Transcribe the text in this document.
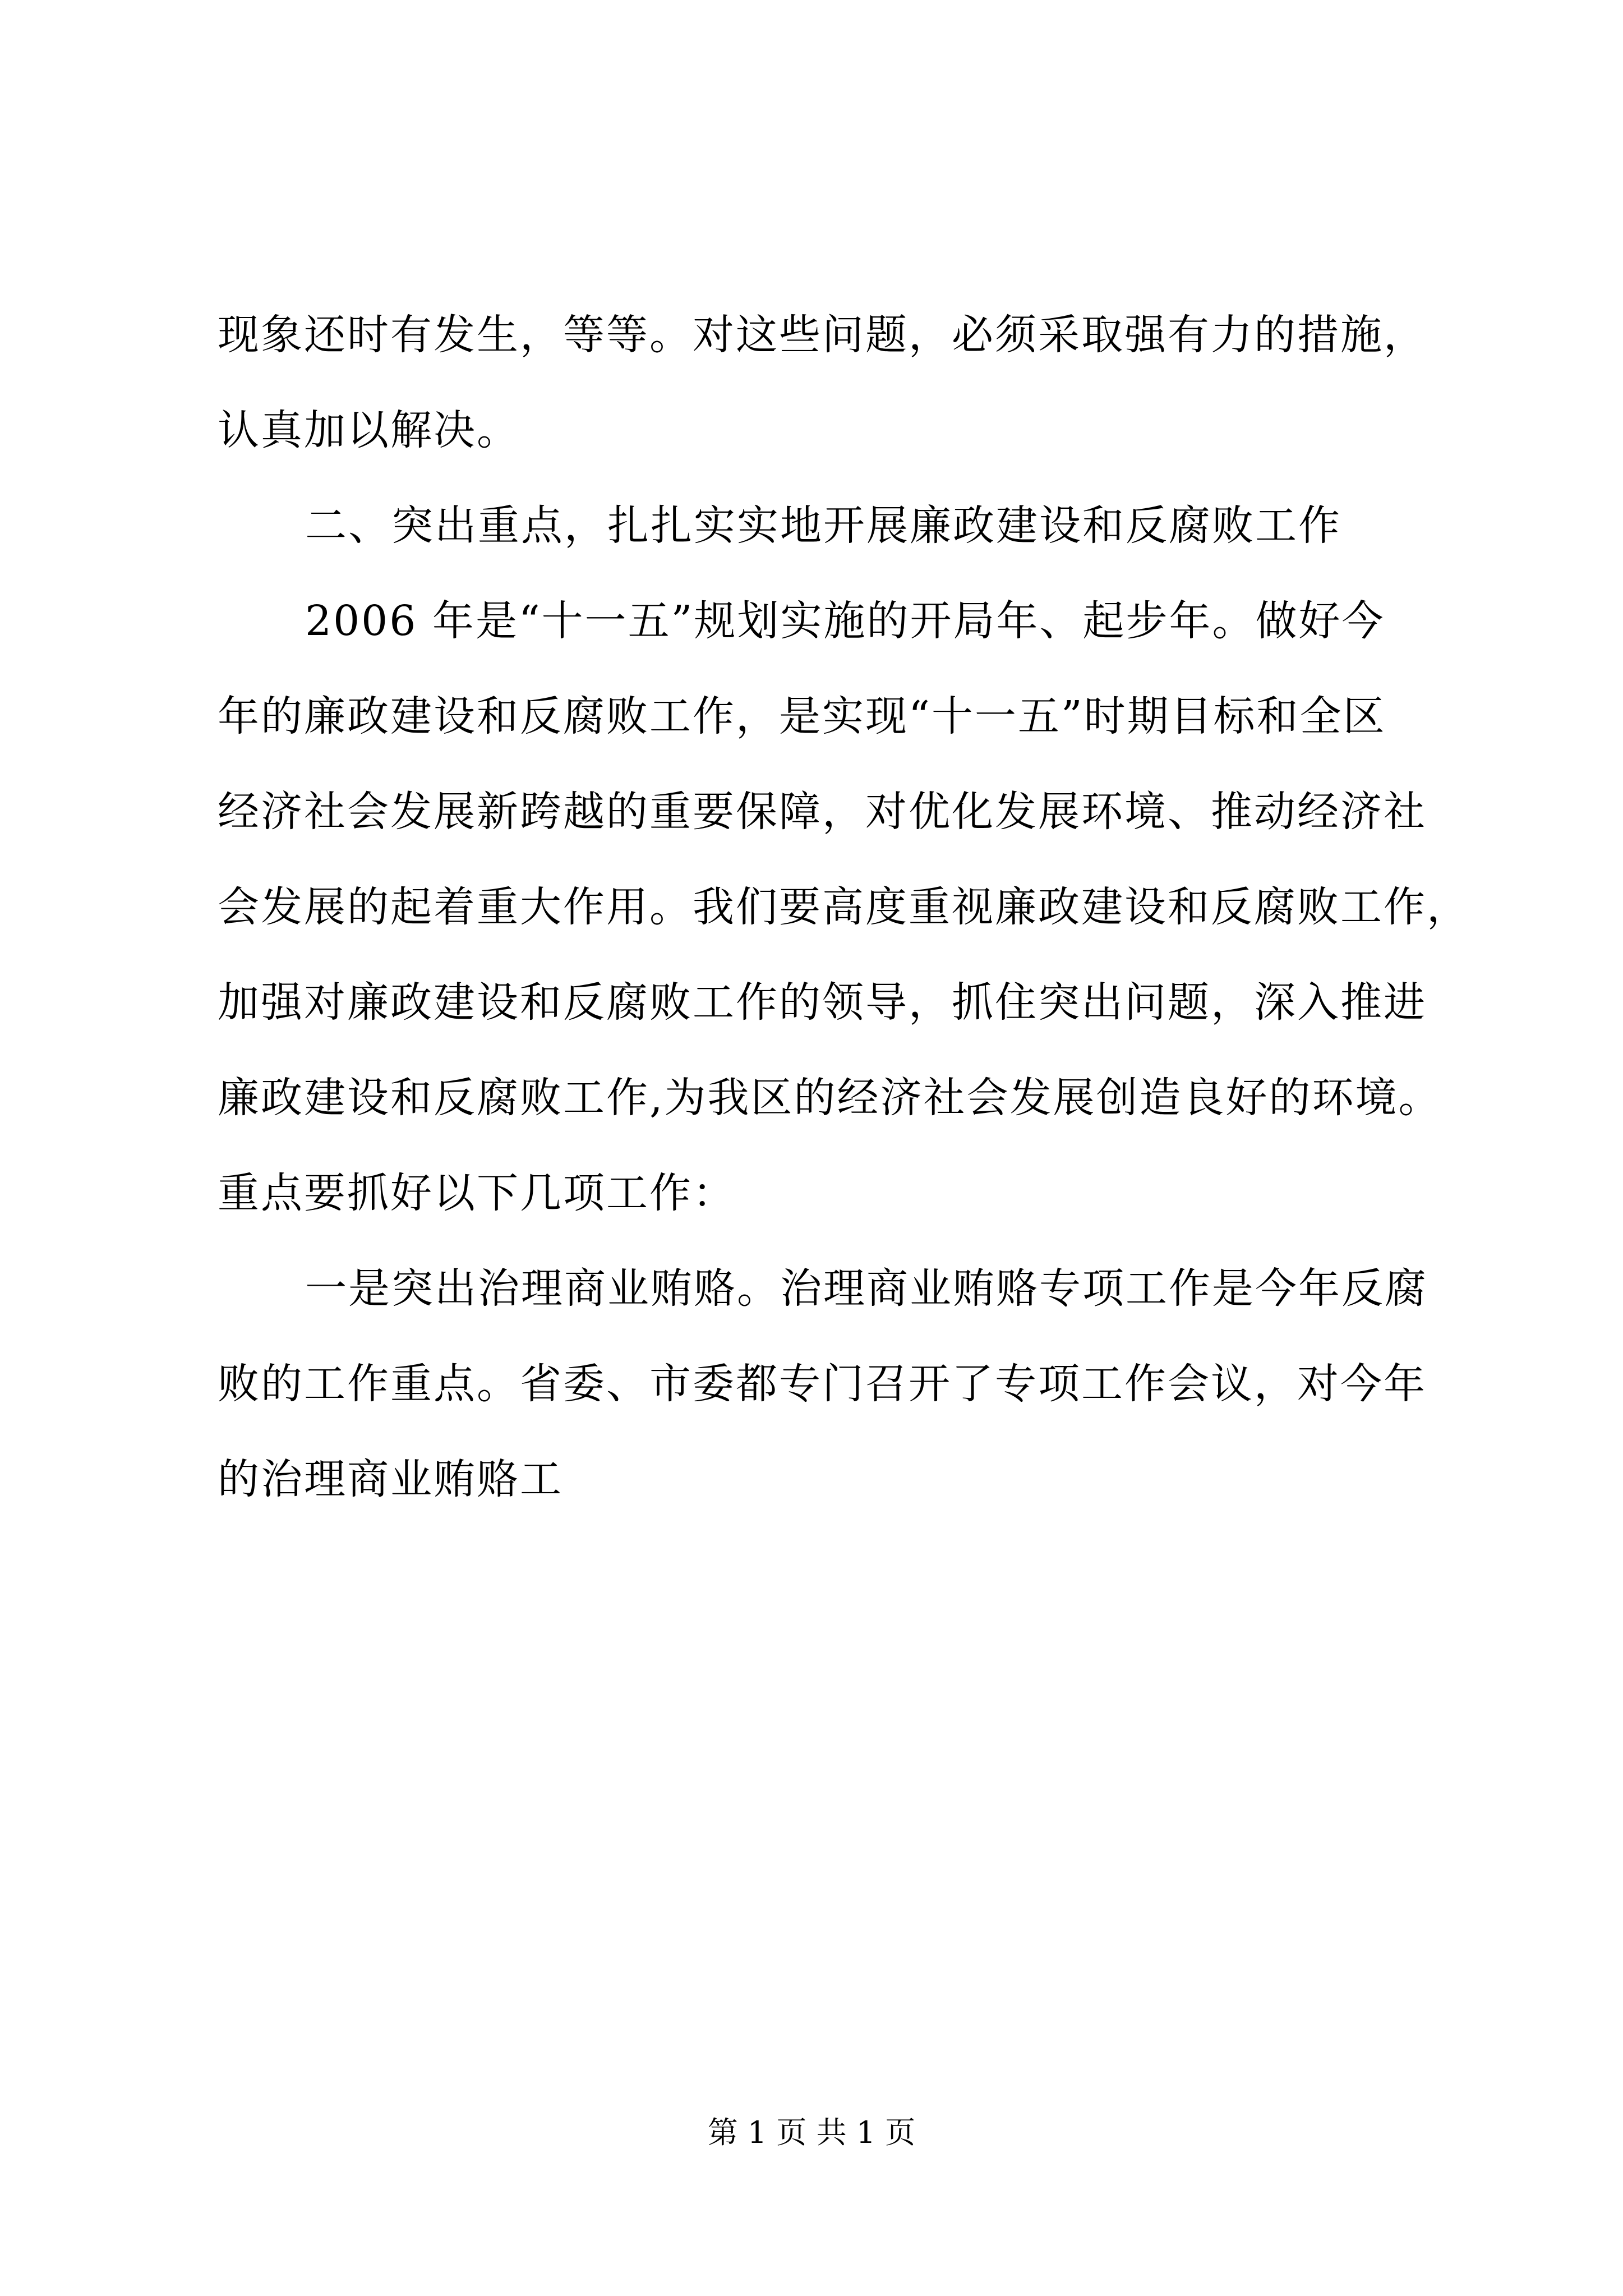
现象还时有发生，等等。对这些问题，必须采取强有力的措施，
认真加以解决。
二、突出重点，扎扎实实地开展廉政建设和反腐败工作
2006 年是“十一五”规划实施的开局年、起步年。做好今
年的廉政建设和反腐败工作，是实现“十一五”时期目标和全区
经济社会发展新跨越的重要保障，对优化发展环境、推动经济社
会发展的起着重大作用。我们要高度重视廉政建设和反腐败工作，
加强对廉政建设和反腐败工作的领导，抓住突出问题，深入推进
廉政建设和反腐败工作,为我区的经济社会发展创造良好的环境。
重点要抓好以下几项工作：
一是突出治理商业贿赂。治理商业贿赂专项工作是今年反腐
败的工作重点。省委、市委都专门召开了专项工作会议，对今年
的治理商业贿赂工
第 1 页 共 1 页
